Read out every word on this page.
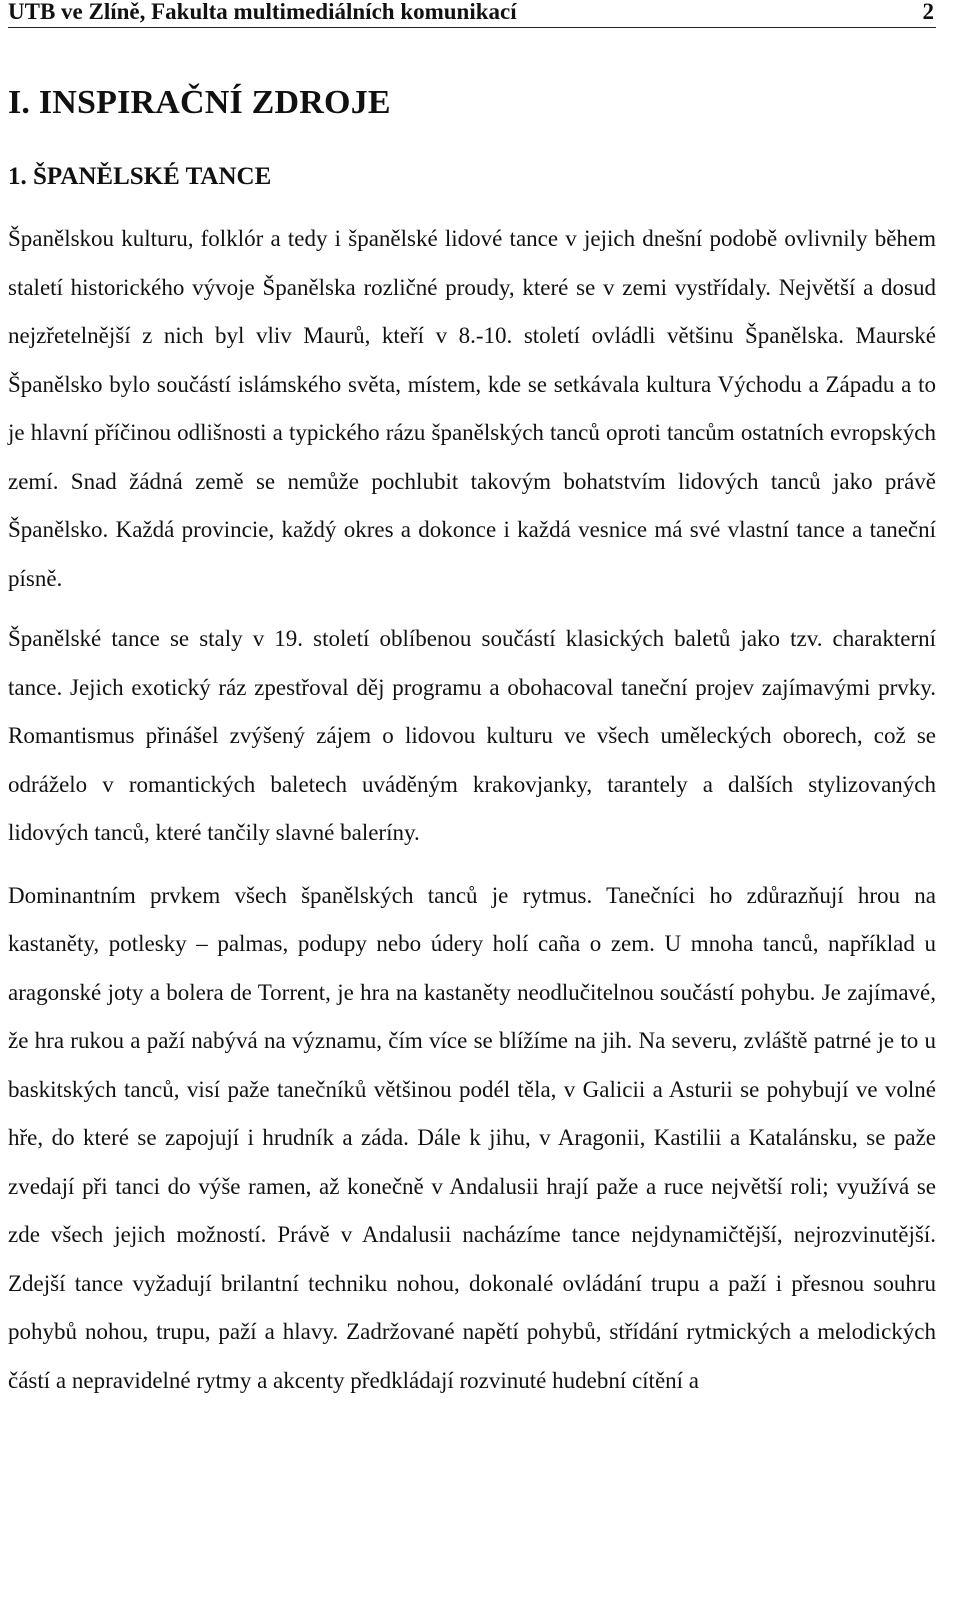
UTB ve Zlíně, Fakulta multimediálních komunikací	2
I. INSPIRAČNÍ ZDROJE
1. ŠPANĚLSKÉ TANCE

Španělskou kulturu, folklór a tedy i španělské lidové tance v jejich dnešní podobě ovlivnily během staletí historického vývoje Španělska rozličné proudy, které se v zemi vystřídaly. Největší a dosud nejzřetelnější z nich byl vliv Maurů, kteří v 8.-10. století ovládli většinu Španělska. Maurské Španělsko bylo součástí islámského světa, místem, kde se setkávala kultura Východu a Západu a to je hlavní příčinou odlišnosti a typického rázu španělských tanců oproti tancům ostatních evropských zemí. Snad žádná země se nemůže pochlubit takovým bohatstvím lidových tanců jako právě Španělsko. Každá provincie, každý okres a dokonce i každá vesnice má své vlastní tance a taneční písně.

Španělské tance se staly v 19. století oblíbenou součástí klasických baletů jako tzv. charakterní tance. Jejich exotický ráz zpestřoval děj programu a obohacoval taneční projev zajímavými prvky. Romantismus přinášel zvýšený zájem o lidovou kulturu ve všech uměleckých oborech, což se odráželo v romantických baletech uváděným krakovjanky, tarantely a dalších stylizovaných lidových tanců, které tančily slavné baleríny.

Dominantním prvkem všech španělských tanců je rytmus. Tanečníci ho zdůrazňují hrou na kastaněty, potlesky – palmas, podupy nebo údery holí caña o zem. U mnoha tanců, například u aragonské joty a bolera de Torrent, je hra na kastaněty neodlučitelnou součástí pohybu. Je zajímavé, že hra rukou a paží nabývá na významu, čím více se blížíme na jih. Na severu, zvláště patrné je to u baskitských tanců, visí paže tanečníků většinou podél těla, v Galicii a Asturii se pohybují ve volné hře, do které se zapojují i hrudník a záda. Dále k jihu, v Aragonii, Kastilii a Katalánsku, se paže zvedají při tanci do výše ramen, až konečně v Andalusii hrají paže a ruce největší roli; využívá se zde všech jejich možností. Právě v Andalusii nacházíme tance nejdynamičtější, nejrozvinutější. Zdejší tance vyžadují brilantní techniku nohou, dokonalé ovládání trupu a paží i přesnou souhru pohybů nohou, trupu, paží a hlavy. Zadržované napětí pohybů, střídání rytmických a melodických částí a nepravidelné rytmy a akcenty předkládají rozvinuté hudební cítění a
